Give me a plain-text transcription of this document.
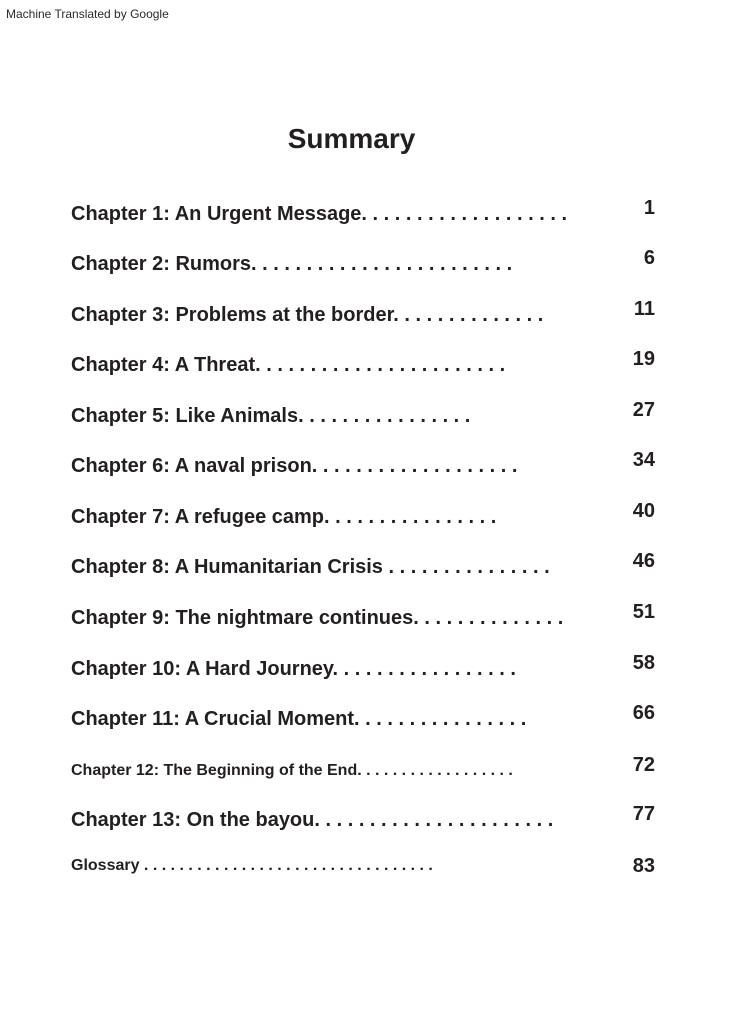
Machine Translated by Google
Summary
Chapter 1: An Urgent Message. . . . . . . . . . . . . . . . . . .	1
Chapter 2: Rumors. . . . . . . . . . . . . . . . . . . . . . . .	6
Chapter 3: Problems at the border. . . . . . . . . . . . . .	11
Chapter 4: A Threat. . . . . . . . . . . . . . . . . . . . . . .	19
Chapter 5: Like Animals. . . . . . . . . . . . . . . .	27
Chapter 6: A naval prison. . . . . . . . . . . . . . . . . . .	34
Chapter 7: A refugee camp. . . . . . . . . . . . . . . .	40
Chapter 8: A Humanitarian Crisis . . . . . . . . . . . . . . .	46
Chapter 9: The nightmare continues. . . . . . . . . . . . . .	51
Chapter 10: A Hard Journey. . . . . . . . . . . . . . . . .	58
Chapter 11: A Crucial Moment. . . . . . . . . . . . . . . .	66
Chapter 12: The Beginning of the End. . . . . . . . . . . . . . . . . .	72
Chapter 13: On the bayou. . . . . . . . . . . . . . . . . . . . . .	77
Glossary . . . . . . . . . . . . . . . . . . . . . . . . . . . . . . . . .	83
